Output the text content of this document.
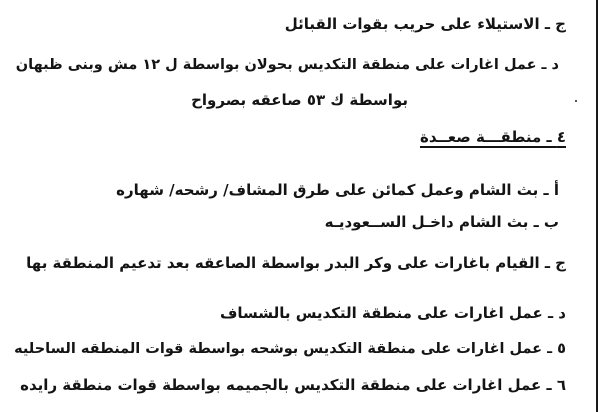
ج ـ الاستيلاء على حريب بقوات القبائل
د ـ عمل اغارات على منطقة التكديس بحولان بواسطة ل ١٢ مش وبنى ظبهان
بواسطة ك ٥٣ صاعقه بصرواح
٤ ـ منطقـــة صعــدة
أ ـ بث الشام وعمل كمائن على طرق المشاف/ رشحه/ شهاره
ب ـ بث الشام داخـل الســعوديـه
ج ـ القيام باغارات على وكر البدر بواسطة الصاعقه بعد تدعيم المنطقة بها
د ـ عمل اغارات على منطقة التكديس بالشساف
٥ ـ عمل اغارات على منطقة التكديس بوشحه بواسطة قوات المنطقه الساحليه
٦ ـ عمل اغارات على منطقة التكديس بالجميمه بواسطة قوات منطقة رايده
